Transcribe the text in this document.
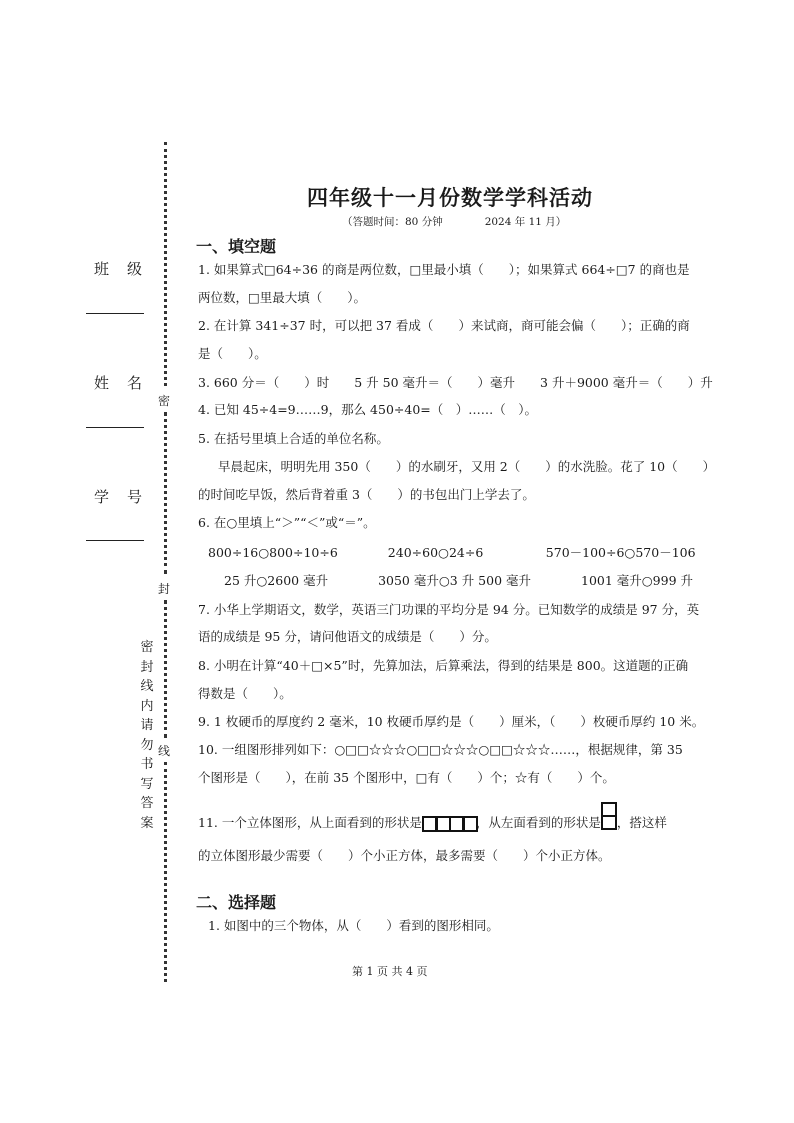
班级
姓名
学号
密
封
线
密
封
线
内
请
勿
书
写
答
案
四年级十一月份数学学科活动
（答题时间：80 分钟　　　　2024 年 11 月）
一、填空题
1. 如果算式□64÷36 的商是两位数，□里最小填（　　）；如果算式 664÷□7 的商也是
两位数，□里最大填（　　）。
2. 在计算 341÷37 时，可以把 37 看成（　　）来试商，商可能会偏（　　）；正确的商
是（　　）。
3. 660 分＝（　　）时　　5 升 50 毫升＝（　　）毫升　　3 升＋9000 毫升＝（　　）升
4. 已知 45÷4=9……9，那么 450÷40=（　）……（　）。
5. 在括号里填上合适的单位名称。
早晨起床，明明先用 350（　　）的水刷牙，又用 2（　　）的水洗脸。花了 10（　　）
的时间吃早饭，然后背着重 3（　　）的书包出门上学去了。
6. 在○里填上“＞”“＜”或“＝”。
800÷16○800÷10÷6　　　　240÷60○24÷6　　　　　570－100÷6○570－106
25 升○2600 毫升　　　　3050 毫升○3 升 500 毫升　　　　1001 毫升○999 升
7. 小华上学期语文，数学，英语三门功课的平均分是 94 分。已知数学的成绩是 97 分，英
语的成绩是 95 分，请问他语文的成绩是（　　）分。
8. 小明在计算“40＋□×5”时，先算加法，后算乘法，得到的结果是 800。这道题的正确
得数是（　　）。
9. 1 枚硬币的厚度约 2 毫米，10 枚硬币厚约是（　　）厘米，（　　）枚硬币厚约 10 米。
10. 一组图形排列如下：○□□☆☆☆○□□☆☆☆○□□☆☆☆……，根据规律，第 35
个图形是（　　），在前 35 个图形中，□有（　　）个；☆有（　　）个。
11. 一个立体图形，从上面看到的形状是	，从左面看到的形状是 ，搭这样
的立体图形最少需要（　　）个小正方体，最多需要（　　）个小正方体。
二、选择题
1. 如图中的三个物体，从（　　）看到的图形相同。
第 1 页 共 4 页
